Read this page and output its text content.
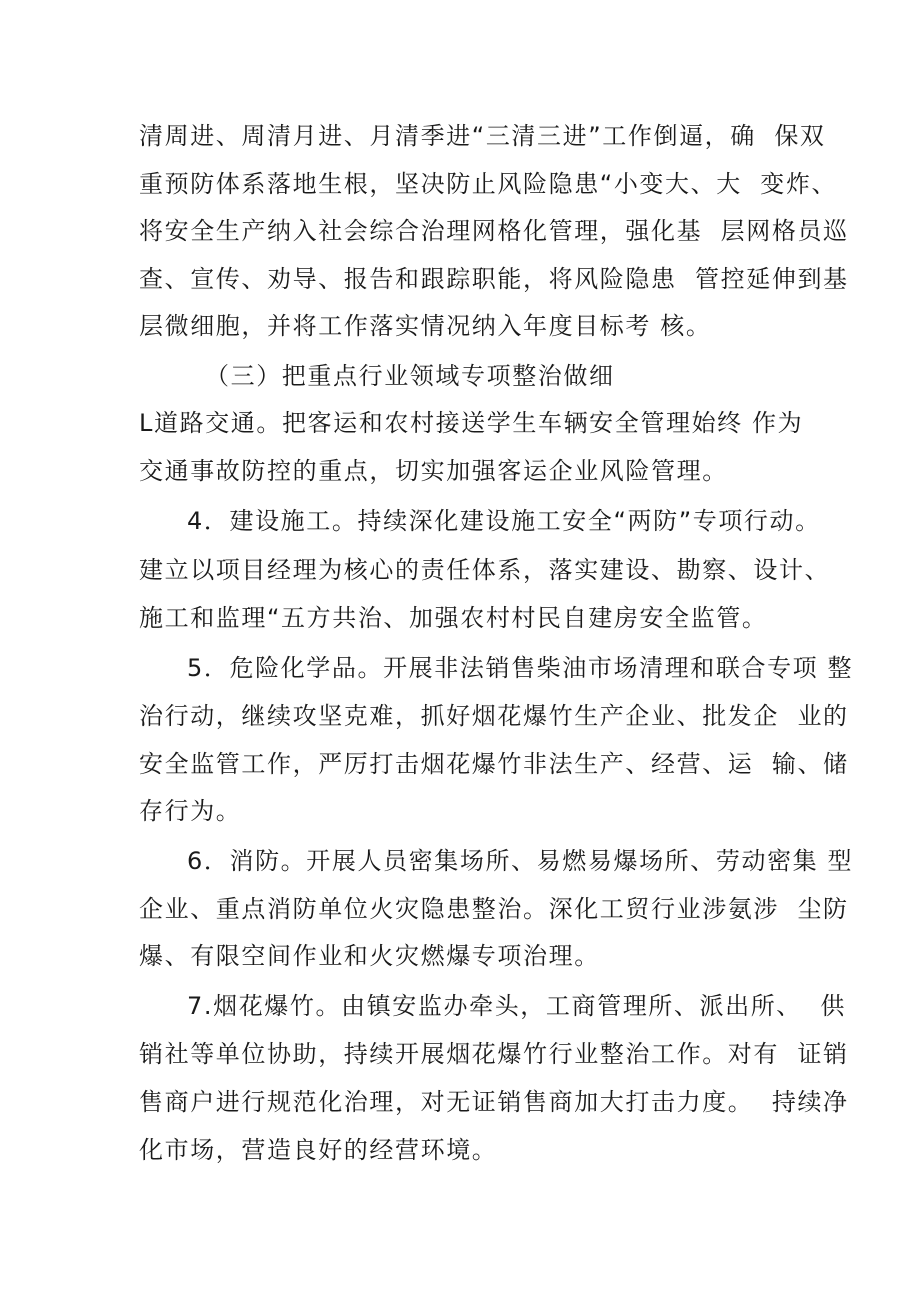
清周进、周清月进、月清季进“三清三进”工作倒逼，确  保双
重预防体系落地生根，坚决防止风险隐患“小变大、大  变炸、
将安全生产纳入社会综合治理网格化管理，强化基  层网格员巡
查、宣传、劝导、报告和跟踪职能，将风险隐患  管控延伸到基
层微细胞，并将工作落实情况纳入年度目标考 核。
（三）把重点行业领域专项整治做细
L道路交通。把客运和农村接送学生车辆安全管理始终 作为
交通事故防控的重点，切实加强客运企业风险管理。
4．建设施工。持续深化建设施工安全“两防”专项行动。
建立以项目经理为核心的责任体系，落实建设、勘察、设计、
施工和监理“五方共治、加强农村村民自建房安全监管。
5．危险化学品。开展非法销售柴油市场清理和联合专项 整
治行动，继续攻坚克难，抓好烟花爆竹生产企业、批发企  业的
安全监管工作，严厉打击烟花爆竹非法生产、经营、运  输、储
存行为。
6．消防。开展人员密集场所、易燃易爆场所、劳动密集 型
企业、重点消防单位火灾隐患整治。深化工贸行业涉氨涉  尘防
爆、有限空间作业和火灾燃爆专项治理。
7.烟花爆竹。由镇安监办牵头，工商管理所、派出所、  供
销社等单位协助，持续开展烟花爆竹行业整治工作。对有  证销
售商户进行规范化治理，对无证销售商加大打击力度。  持续净
化市场，营造良好的经营环境。
